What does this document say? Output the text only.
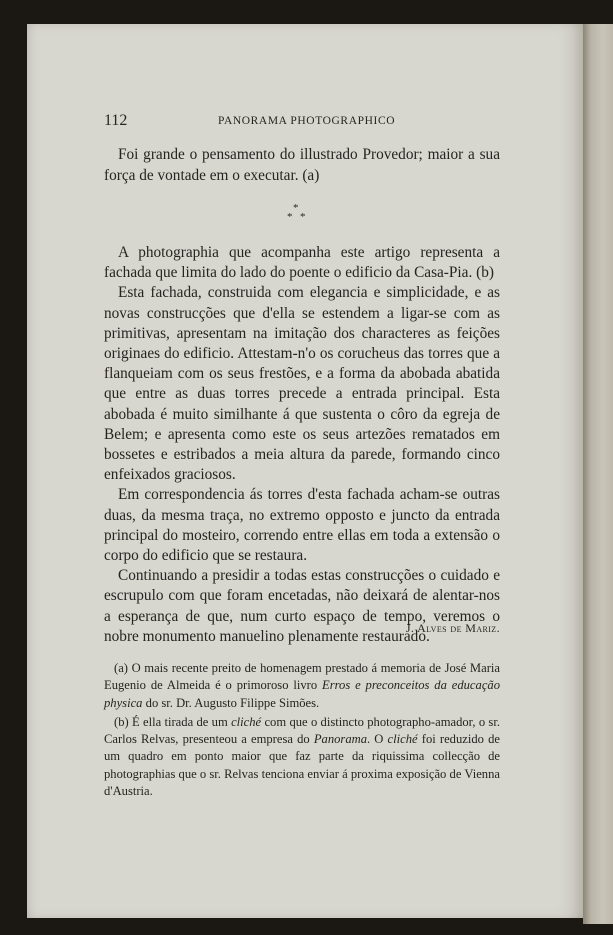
112	PANORAMA PHOTOGRAPHICO

Foi grande o pensamento do illustrado Provedor; maior a sua força de vontade em o executar. (a)

*
* *

A photographia que acompanha este artigo representa a fachada que limita do lado do poente o edificio da Casa-Pia. (b)

Esta fachada, construida com elegancia e simplicidade, e as novas construcções que d'ella se estendem a ligar-se com as primitivas, apresentam na imitação dos characteres as feições originaes do edificio. Attestam-n'o os corucheus das torres que a flanqueiam com os seus frestões, e a forma da abobada abatida que entre as duas torres precede a entrada principal. Esta abobada é muito similhante á que sustenta o côro da egreja de Belem; e apresenta como este os seus artezões rematados em bossetes e estribados a meia altura da parede, formando cinco enfeixados graciosos.

Em correspondencia ás torres d'esta fachada acham-se outras duas, da mesma traça, no extremo opposto e juncto da entrada principal do mosteiro, correndo entre ellas em toda a extensão o corpo do edificio que se restaura.

Continuando a presidir a todas estas construcções o cuidado e escrupulo com que foram encetadas, não deixará de alentar-nos a esperança de que, num curto espaço de tempo, veremos o nobre monumento manuelino plenamente restaurado.

J. Alves de Mariz.

(a) O mais recente preito de homenagem prestado á memoria de José Maria Eugenio de Almeida é o primoroso livro Erros e preconceitos da educação physica do sr. Dr. Augusto Filippe Simões.

(b) É ella tirada de um cliché com que o distincto photographo-amador, o sr. Carlos Relvas, presenteou a empresa do Panorama. O cliché foi reduzido de um quadro em ponto maior que faz parte da riquissima collecção de photographias que o sr. Relvas tenciona enviar á proxima exposição de Vienna d'Austria.
